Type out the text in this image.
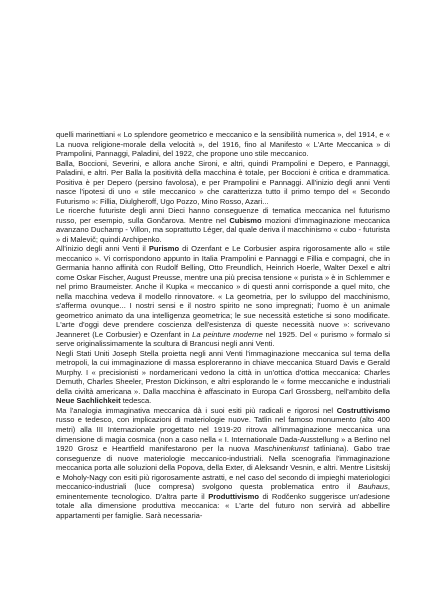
quelli marinettiani « Lo splendore geometrico e meccanico e la sensibilità numerica », del 1914, e « La nuova religione-morale della velocità », del 1916, fino al Manifesto « L'Arte Meccanica » di Prampolini, Pannaggi, Paladini, del 1922, che propone uno stile meccanico.

Balla, Boccioni, Severini, e allora anche Sironi, e altri, quindi Prampolini e Depero, e Pannaggi, Paladini, e altri. Per Balla la positività della macchina è totale, per Boccioni è critica e drammatica. Positiva è per Depero (persino favolosa), e per Prampolini e Pannaggi. All'inizio degli anni Venti nasce l'ipotesi di uno « stile meccanico » che caratterizza tutto il primo tempo del « Secondo Futurismo »: Fillia, Diulgheroff, Ugo Pozzo, Mino Rosso, Azari...

Le ricerche futuriste degli anni Dieci hanno conseguenze di tematica meccanica nel futurismo russo, per esempio, sulla Gončarova. Mentre nel Cubismo mozioni d'immaginazione meccanica avanzano Duchamp - Villon, ma soprattutto Léger, dal quale deriva il macchinismo « cubo - futurista » di Malevič; quindi Archipenko.

All'inizio degli anni Venti il Purismo di Ozenfant e Le Corbusier aspira rigorosamente allo « stile meccanico ». Vi corrispondono appunto in Italia Prampolini e Pannaggi e Fillia e compagni, che in Germania hanno affinità con Rudolf Belling, Otto Freundlich, Heinrich Hoerle, Walter Dexel e altri come Oskar Fischer, August Preusse, mentre una più precisa tensione « purista » è in Schlemmer e nel primo Braumeister. Anche il Kupka « meccanico » di questi anni corrisponde a quel mito, che nella macchina vedeva il modello rinnovatore. « La geometria, per lo sviluppo del macchinismo, s'afferma ovunque... I nostri sensi e il nostro spirito ne sono impregnati; l'uomo è un animale geometrico animato da una intelligenza geometrica; le sue necessità estetiche si sono modificate. L'arte d'oggi deve prendere coscienza dell'esistenza di queste necessità nuove »: scrivevano Jeanneret (Le Corbusier) e Ozenfant in La peinture moderne nel 1925. Del « purismo » formalo si serve originalissimamente la scultura di Brancusi negli anni Venti.

Negli Stati Uniti Joseph Stella proietta negli anni Venti l'immaginazione meccanica sul tema della metropoli, la cui immaginazione di massa esploreranno in chiave meccanica Stuard Davis e Gerald Murphy. I « precisionisti » nordamericani vedono la città in un'ottica d'ottica meccanica: Charles Demuth, Charles Sheeler, Preston Dickinson, e altri esplorando le « forme meccaniche e industriali della civiltà americana ». Dalla macchina è affascinato in Europa Carl Grossberg, nell'ambito della Neue Sachlichkeit tedesca.

Ma l'analogia immaginativa meccanica dà i suoi esiti più radicali e rigorosi nel Costruttivismo russo e tedesco, con implicazioni di materiologie nuove. Tatlin nel famoso monumento (alto 400 metri) alla III Internazionale progettato nel 1919-20 ritrova all'immaginazione meccanica una dimensione di magia cosmica (non a caso nella « I. Internationale Dada-Ausstellung » a Berlino nel 1920 Grosz e Heartfield manifestarono per la nuova Maschinenkunst tatliniana). Gabo trae conseguenze di nuove materiologie meccanico-industriali. Nella scenografia l'immaginazione meccanica porta alle soluzioni della Popova, della Exter, di Aleksandr Vesnin, e altri. Mentre Lisitskij e Moholy-Nagy con esiti più rigorosamente astratti, e nel caso del secondo di impieghi materiologici meccanico-industriali (luce compresa) svolgono questa problematica entro il Bauhaus, eminentemente tecnologico. D'altra parte il Produttivismo di Rodčenko suggerisce un'adesione totale alla dimensione produttiva meccanica: « L'arte del futuro non servirà ad abbellire appartamenti per famiglie. Sarà necessaria-
